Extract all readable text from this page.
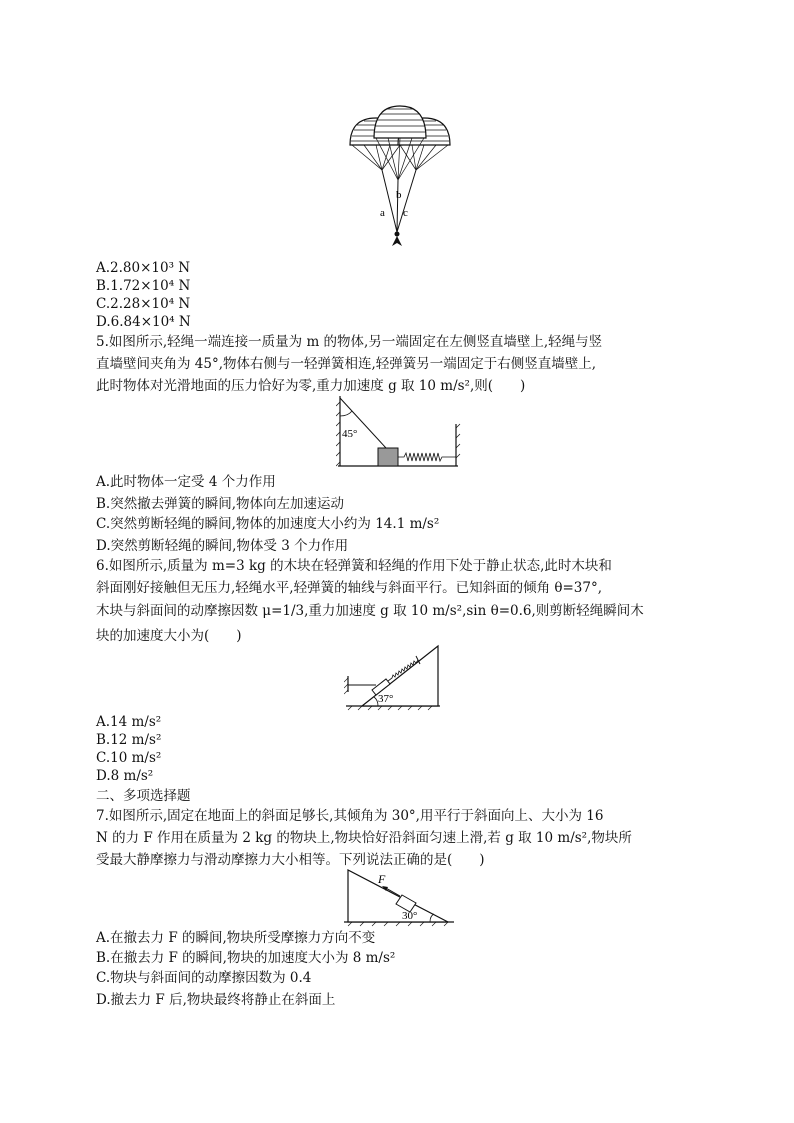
b
a c
A.2.80×10³ N
B.1.72×10⁴ N
C.2.28×10⁴ N
D.6.84×10⁴ N
5.如图所示,轻绳一端连接一质量为 m 的物体,另一端固定在左侧竖直墙壁上,轻绳与竖
直墙壁间夹角为 45°,物体右侧与一轻弹簧相连,轻弹簧另一端固定于右侧竖直墙壁上,
此时物体对光滑地面的压力恰好为零,重力加速度 g 取 10 m/s²,则(　　)
45°
A.此时物体一定受 4 个力作用
B.突然撤去弹簧的瞬间,物体向左加速运动
C.突然剪断轻绳的瞬间,物体的加速度大小约为 14.1 m/s²
D.突然剪断轻绳的瞬间,物体受 3 个力作用
6.如图所示,质量为 m=3 kg 的木块在轻弹簧和轻绳的作用下处于静止状态,此时木块和
斜面刚好接触但无压力,轻绳水平,轻弹簧的轴线与斜面平行。已知斜面的倾角 θ=37°,
木块与斜面间的动摩擦因数 μ=1/3,重力加速度 g 取 10 m/s²,sin θ=0.6,则剪断轻绳瞬间木
块的加速度大小为(　　)
37°
A.14 m/s²
B.12 m/s²
C.10 m/s²
D.8 m/s²
二、多项选择题
7.如图所示,固定在地面上的斜面足够长,其倾角为 30°,用平行于斜面向上、大小为 16
N 的力 F 作用在质量为 2 kg 的物块上,物块恰好沿斜面匀速上滑,若 g 取 10 m/s²,物块所
受最大静摩擦力与滑动摩擦力大小相等。下列说法正确的是(　　)
F
30°
A.在撤去力 F 的瞬间,物块所受摩擦力方向不变
B.在撤去力 F 的瞬间,物块的加速度大小为 8 m/s²
C.物块与斜面间的动摩擦因数为 0.4
D.撤去力 F 后,物块最终将静止在斜面上
